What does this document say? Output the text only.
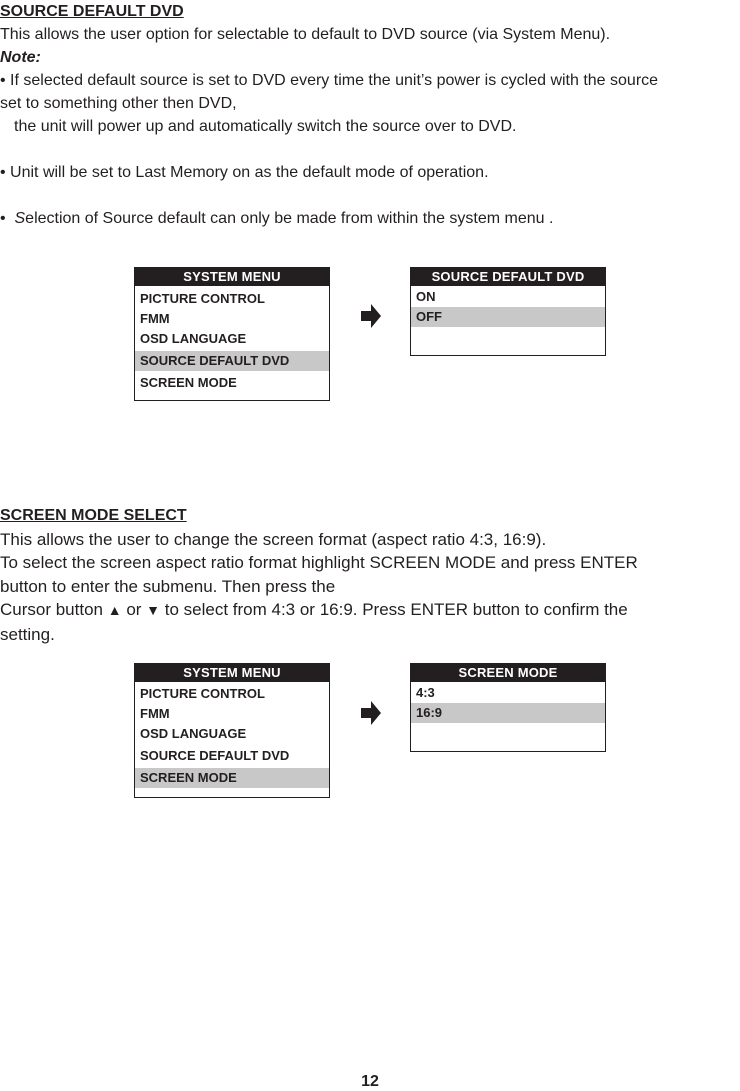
SOURCE DEFAULT DVD

This allows the user option for selectable to default to DVD source (via System Menu).

Note:

• If selected default source is set to DVD every time the unit’s power is cycled with the source

set to something other then DVD,

the unit will power up and automatically switch the source over to DVD.

• Unit will be set to Last Memory on as the default mode of operation.

•  Selection of Source default can only be made from within the system menu .

SYSTEM MENU
PICTURE CONTROL
FMM
OSD LANGUAGE
SOURCE DEFAULT DVD
SCREEN MODE
SOURCE DEFAULT DVD
ON
OFF

SCREEN MODE SELECT

This allows the user to change the screen format (aspect ratio 4:3, 16:9).

To select the screen aspect ratio format highlight SCREEN MODE and press ENTER

button to enter the submenu. Then press the

Cursor button ▲ or ▼ to select from 4:3 or 16:9. Press ENTER button to confirm the

setting.

SYSTEM MENU
PICTURE CONTROL
FMM
OSD LANGUAGE
SOURCE DEFAULT DVD
SCREEN MODE
SCREEN MODE
4:3
16:9
12
